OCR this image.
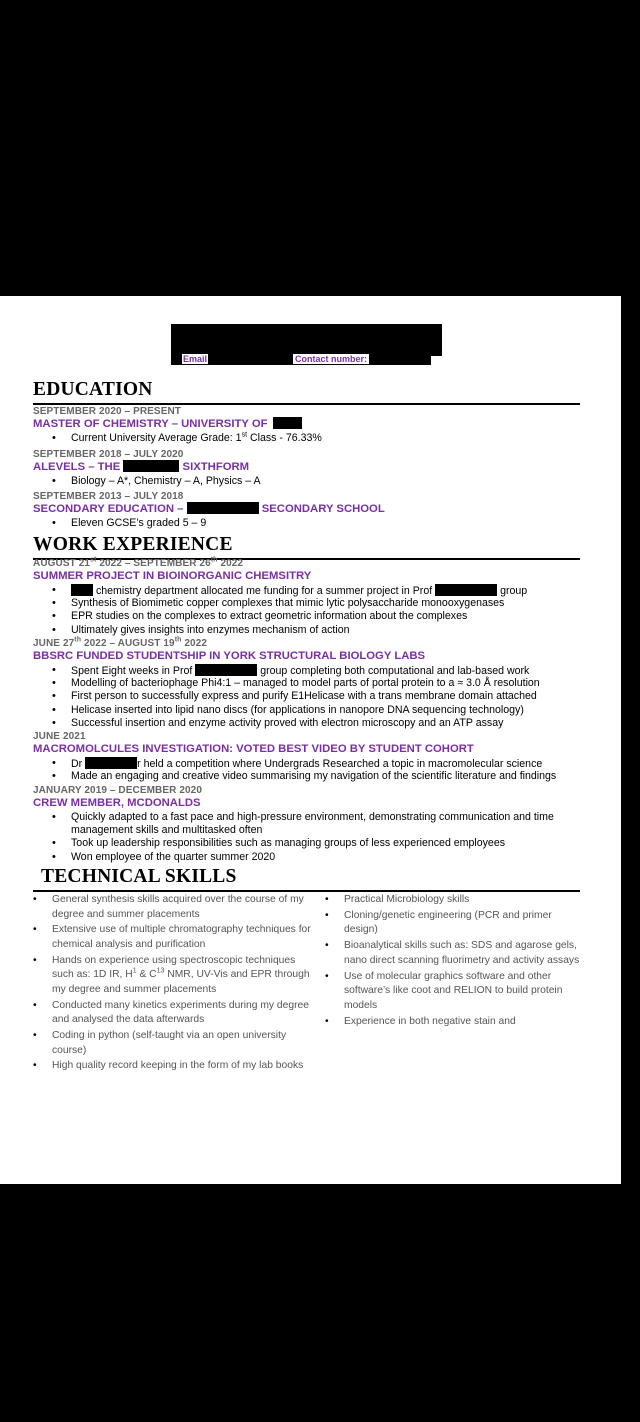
Email	Contact number:
EDUCATION
SEPTEMBER 2020 – PRESENT
MASTER OF CHEMISTRY – UNIVERSITY OF
• Current University Average Grade: 1st Class - 76.33%
SEPTEMBER 2018 – JULY 2020
ALEVELS – THE	SIXTHFORM
• Biology – A*, Chemistry – A, Physics – A
SEPTEMBER 2013 – JULY 2018
SECONDARY EDUCATION –	SECONDARY SCHOOL
• Eleven GCSE’s graded 5 – 9
WORK EXPERIENCE
AUGUST 21st 2022 – SEPTEMBER 26th 2022
SUMMER PROJECT IN BIOINORGANIC CHEMSITRY
• chemistry department allocated me funding for a summer project in Prof	group
• Synthesis of Biomimetic copper complexes that mimic lytic polysaccharide monooxygenases
• EPR studies on the complexes to extract geometric information about the complexes
• Ultimately gives insights into enzymes mechanism of action
JUNE 27th 2022 – AUGUST 19th 2022
BBSRC FUNDED STUDENTSHIP IN YORK STRUCTURAL BIOLOGY LABS
• Spent Eight weeks in Prof	group completing both computational and lab-based work
• Modelling of bacteriophage Phi4:1 – managed to model parts of portal protein to a ≈ 3.0 Å resolution
• First person to successfully express and purify E1Helicase with a trans membrane domain attached
• Helicase inserted into lipid nano discs (for applications in nanopore DNA sequencing technology)
• Successful insertion and enzyme activity proved with electron microscopy and an ATP assay
JUNE 2021
MACROMOLCULES INVESTIGATION: VOTED BEST VIDEO BY STUDENT COHORT
• Dr	r held a competition where Undergrads Researched a topic in macromolecular science
• Made an engaging and creative video summarising my navigation of the scientific literature and findings
JANUARY 2019 – DECEMBER 2020
CREW MEMBER, MCDONALDS
• Quickly adapted to a fast pace and high-pressure environment, demonstrating communication and time management skills and multitasked often
• Took up leadership responsibilities such as managing groups of less experienced employees
• Won employee of the quarter summer 2020
TECHNICAL SKILLS
• General synthesis skills acquired over the course of my degree and summer placements
• Extensive use of multiple chromatography techniques for chemical analysis and purification
• Hands on experience using spectroscopic techniques such as: 1D IR, $H^1$ & $C^{13}$ NMR, UV-Vis and EPR through my degree and summer placements
• Conducted many kinetics experiments during my degree and analysed the data afterwards
• Coding in python (self-taught via an open university course)
• High quality record keeping in the form of my lab books
• Practical Microbiology skills
• Cloning/genetic engineering (PCR and primer design)
• Bioanalytical skills such as: SDS and agarose gels, nano direct scanning fluorimetry and activity assays
• Use of molecular graphics software and other software’s like coot and RELION to build protein models
• Experience in both negative stain and
